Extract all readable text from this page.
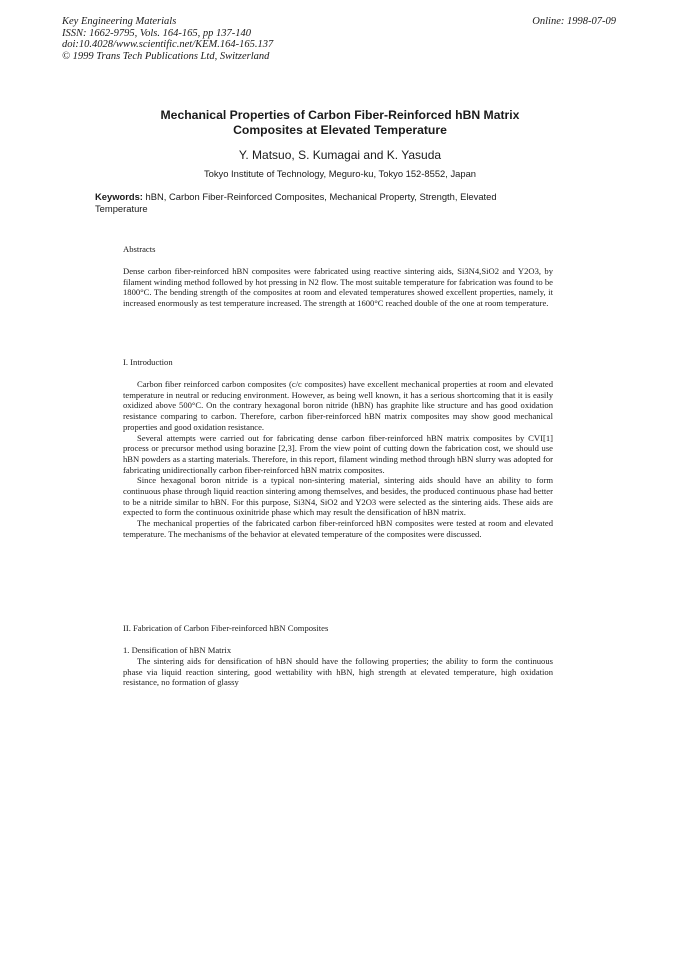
Key Engineering Materials
ISSN: 1662-9795, Vols. 164-165, pp 137-140
doi:10.4028/www.scientific.net/KEM.164-165.137
© 1999 Trans Tech Publications Ltd, Switzerland
Online: 1998-07-09
Mechanical Properties of Carbon Fiber-Reinforced hBN Matrix
Composites at Elevated Temperature
Y. Matsuo, S. Kumagai and K. Yasuda
Tokyo Institute of Technology, Meguro-ku, Tokyo 152-8552, Japan
Keywords: hBN, Carbon Fiber-Reinforced Composites, Mechanical Property, Strength, Elevated Temperature
Abstracts

Dense carbon fiber-reinforced hBN composites were fabricated using reactive sintering aids, Si3N4,SiO2 and Y2O3, by filament winding method followed by hot pressing in N2 flow. The most suitable temperature for fabrication was found to be 1800°C. The bending strength of the composites at room and elevated temperatures showed excellent properties, namely, it increased enormously as test temperature increased. The strength at 1600°C reached double of the one at room temperature.

I. Introduction

Carbon fiber reinforced carbon composites (c/c composites) have excellent mechanical properties at room and elevated temperature in neutral or reducing environment. However, as being well known, it has a serious shortcoming that it is easily oxidized above 500°C. On the contrary hexagonal boron nitride (hBN) has graphite like structure and has good oxidation resistance comparing to carbon. Therefore, carbon fiber-reinforced hBN matrix composites may show good mechanical properties and good oxidation resistance.

Several attempts were carried out for fabricating dense carbon fiber-reinforced hBN matrix composites by CVI[1] process or precursor method using borazine [2,3]. From the view point of cutting down the fabrication cost, we should use hBN powders as a starting materials. Therefore, in this report, filament winding method through hBN slurry was adopted for fabricating unidirectionally carbon fiber-reinforced hBN matrix composites.

Since hexagonal boron nitride is a typical non-sintering material, sintering aids should have an ability to form continuous phase through liquid reaction sintering among themselves, and besides, the produced continuous phase had better to be a nitride similar to hBN. For this purpose, Si3N4, SiO2 and Y2O3 were selected as the sintering aids. These aids are expected to form the continuous oxinitride phase which may result the densification of hBN matrix.

The mechanical properties of the fabricated carbon fiber-reinforced hBN composites were tested at room and elevated temperature. The mechanisms of the behavior at elevated temperature of the composites were discussed.

II. Fabrication of Carbon Fiber-reinforced hBN Composites
1. Densification of hBN Matrix

The sintering aids for densification of hBN should have the following properties; the ability to form the continuous phase via liquid reaction sintering, good wettability with hBN, high strength at elevated temperature, high oxidation resistance, no formation of glassy
